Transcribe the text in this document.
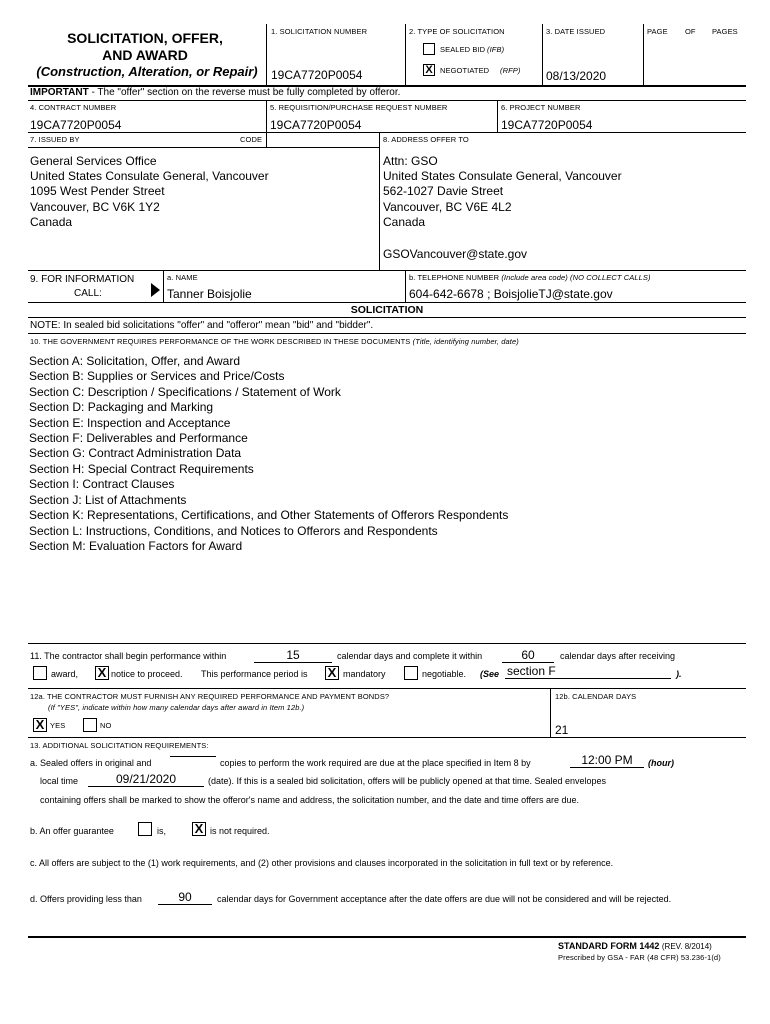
SOLICITATION, OFFER,
AND AWARD
(Construction, Alteration, or Repair)
1. SOLICITATION NUMBER
19CA7720P0054
2. TYPE OF SOLICITATION
SEALED BID (IFB)
X NEGOTIATED (RFP)
3. DATE ISSUED
08/13/2020
PAGE OF PAGES
IMPORTANT - The "offer" section on the reverse must be fully completed by offeror.
4. CONTRACT NUMBER
19CA7720P0054
5. REQUISITION/PURCHASE REQUEST NUMBER
19CA7720P0054
6. PROJECT NUMBER
19CA7720P0054
7. ISSUED BY	CODE	8. ADDRESS OFFER TO
General Services Office
United States Consulate General, Vancouver
1095 West Pender Street
Vancouver, BC V6K 1Y2
Canada
Attn: GSO
United States Consulate General, Vancouver
562-1027 Davie Street
Vancouver, BC V6E 4L2
Canada
GSOVancouver@state.gov
9. FOR INFORMATION
CALL:
a. NAME
Tanner Boisjolie
b. TELEPHONE NUMBER (Include area code) (NO COLLECT CALLS)
604-642-6678 ; BoisjolieTJ@state.gov
SOLICITATION
NOTE: In sealed bid solicitations "offer" and "offeror" mean "bid" and "bidder".
10. THE GOVERNMENT REQUIRES PERFORMANCE OF THE WORK DESCRIBED IN THESE DOCUMENTS (Title, identifying number, date)
Section A: Solicitation, Offer, and Award
Section B: Supplies or Services and Price/Costs
Section C: Description / Specifications / Statement of Work
Section D: Packaging and Marking
Section E: Inspection and Acceptance
Section F: Deliverables and Performance
Section G: Contract Administration Data
Section H: Special Contract Requirements
Section I: Contract Clauses
Section J: List of Attachments
Section K: Representations, Certifications, and Other Statements of Offerors Respondents
Section L: Instructions, Conditions, and Notices to Offerors and Respondents
Section M: Evaluation Factors for Award
11. The contractor shall begin performance within	15	calendar days and complete it within	60	calendar days after receiving
award, X notice to proceed. This performance period is X mandatory	negotiable. (See section F	).
12a. THE CONTRACTOR MUST FURNISH ANY REQUIRED PERFORMANCE AND PAYMENT BONDS?
(If "YES", indicate within how many calendar days after award in Item 12b.)
X YES	NO
12b. CALENDAR DAYS
21
13. ADDITIONAL SOLICITATION REQUIREMENTS:
a. Sealed offers in original and	copies to perform the work required are due at the place specified in Item 8 by	12:00 PM	(hour)
local time	09/21/2020	(date). If this is a sealed bid solicitation, offers will be publicly opened at that time. Sealed envelopes
containing offers shall be marked to show the offeror's name and address, the solicitation number, and the date and time offers are due.
b. An offer guarantee	is, X is not required.
c. All offers are subject to the (1) work requirements, and (2) other provisions and clauses incorporated in the solicitation in full text or by reference.
d. Offers providing less than	90	calendar days for Government acceptance after the date offers are due will not be considered and will be rejected.
STANDARD FORM 1442 (REV. 8/2014)
Prescribed by GSA - FAR (48 CFR) 53.236-1(d)
